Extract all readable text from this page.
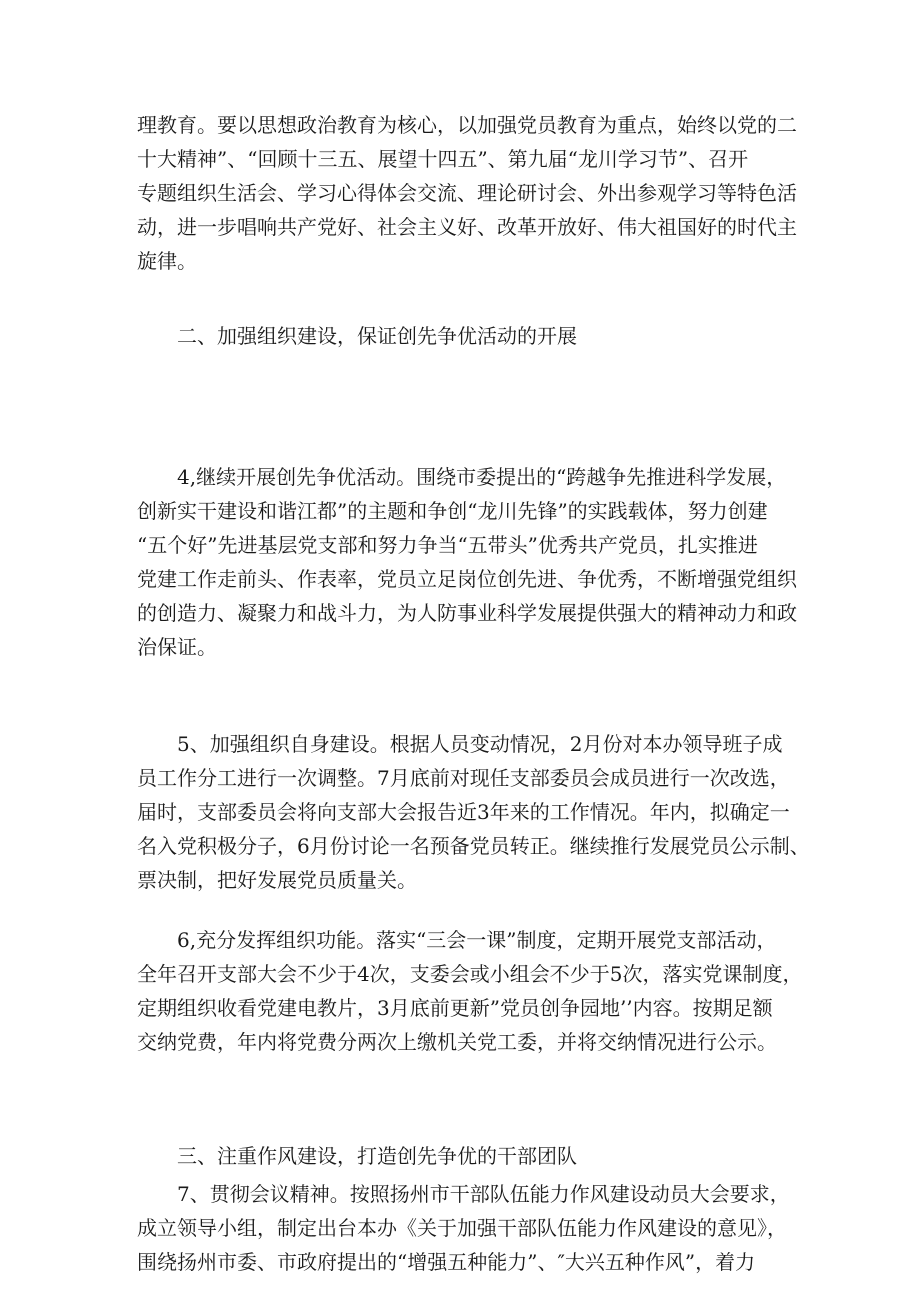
理教育。要以思想政治教育为核心，以加强党员教育为重点，始终以党的二
十大精神”、“回顾十三五、展望十四五”、第九届“龙川学习节”、召开
专题组织生活会、学习心得体会交流、理论研讨会、外出参观学习等特色活
动，进一步唱响共产党好、社会主义好、改革开放好、伟大祖国好的时代主
旋律。
二、加强组织建设，保证创先争优活动的开展
4,继续开展创先争优活动。围绕市委提出的“跨越争先推进科学发展，
创新实干建设和谐江都”的主题和争创“龙川先锋”的实践载体，努力创建
“五个好”先进基层党支部和努力争当“五带头”优秀共产党员，扎实推进
党建工作走前头、作表率，党员立足岗位创先进、争优秀，不断增强党组织
的创造力、凝聚力和战斗力，为人防事业科学发展提供强大的精神动力和政
治保证。
5、加强组织自身建设。根据人员变动情况，2月份对本办领导班子成
员工作分工进行一次调整。7月底前对现任支部委员会成员进行一次改选，
届时，支部委员会将向支部大会报告近3年来的工作情况。年内，拟确定一
名入党积极分子，6月份讨论一名预备党员转正。继续推行发展党员公示制、
票决制，把好发展党员质量关。
6,充分发挥组织功能。落实“三会一课”制度，定期开展党支部活动，
全年召开支部大会不少于4次，支委会或小组会不少于5次，落实党课制度，
定期组织收看党建电教片，3月底前更新”党员创争园地’’内容。按期足额
交纳党费，年内将党费分两次上缴机关党工委，并将交纳情况进行公示。
三、注重作风建设，打造创先争优的干部团队
7、贯彻会议精神。按照扬州市干部队伍能力作风建设动员大会要求，
成立领导小组，制定出台本办《关于加强干部队伍能力作风建设的意见》，
围绕扬州市委、市政府提出的“增强五种能力”、″大兴五种作风”，着力
